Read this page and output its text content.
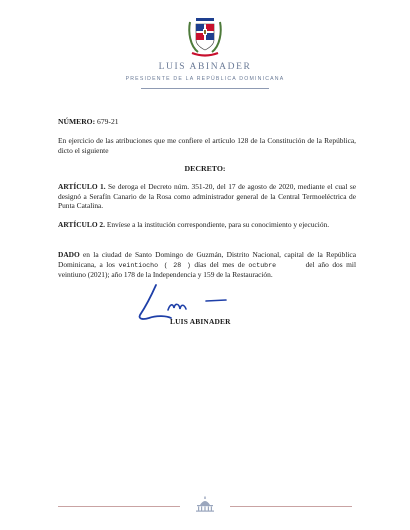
LUIS ABINADER
PRESIDENTE DE LA REPÚBLICA DOMINICANA
NÚMERO: 679-21
En ejercicio de las atribuciones que me confiere el artículo 128 de la Constitución de la República, dicto el siguiente
DECRETO:
ARTÍCULO 1. Se deroga el Decreto núm. 351-20, del 17 de agosto de 2020, mediante el cual se designó a Serafín Canario de la Rosa como administrador general de la Central Termoeléctrica de Punta Catalina.
ARTÍCULO 2. Envíese a la institución correspondiente, para su conocimiento y ejecución.
DADO en la ciudad de Santo Domingo de Guzmán, Distrito Nacional, capital de la República Dominicana, a los veintiocho ( 28 ) días del mes de octubre	del año dos mil veintiuno (2021); año 178 de la Independencia y 159 de la Restauración.
LUIS ABINADER
